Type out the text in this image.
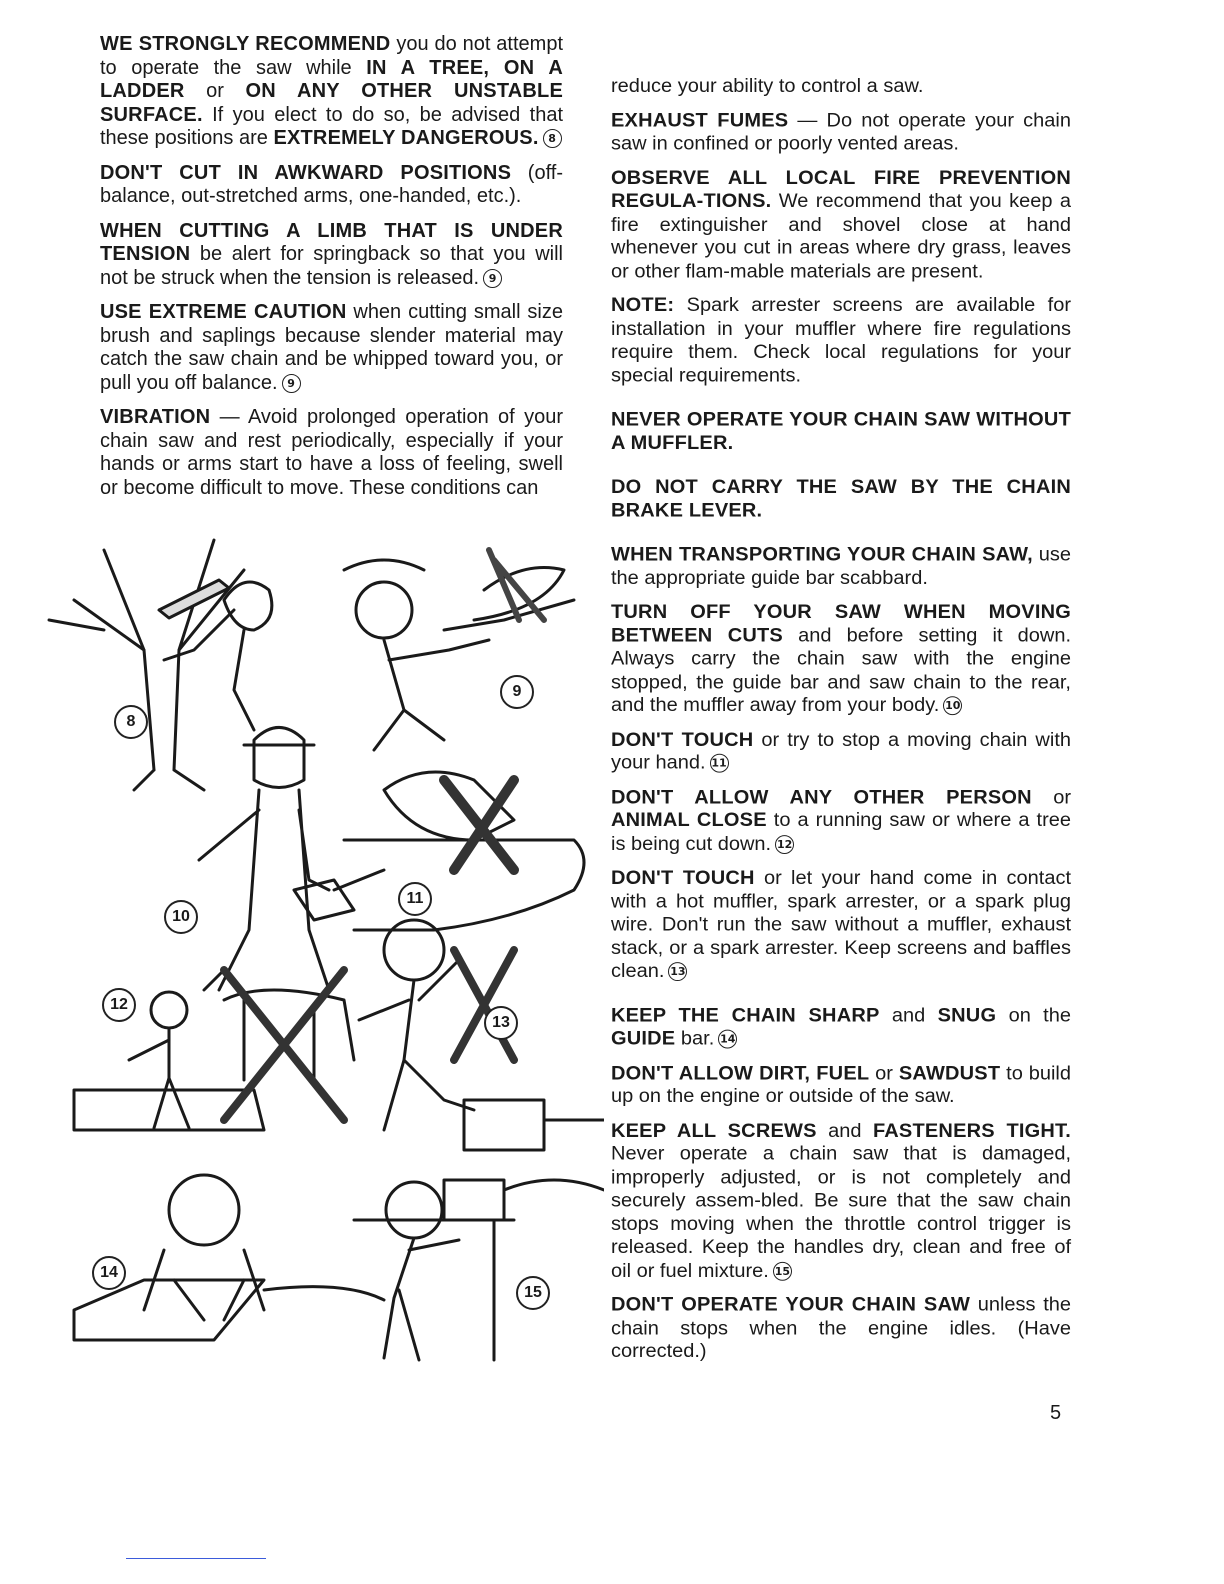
WE STRONGLY RECOMMEND you do not attempt to operate the saw while IN A TREE, ON A LADDER or ON ANY OTHER UNSTABLE SURFACE. If you elect to do so, be advised that these positions are EXTREMELY DANGEROUS. 8

DON'T CUT IN AWKWARD POSITIONS (off-balance, out-stretched arms, one-handed, etc.).

WHEN CUTTING A LIMB THAT IS UNDER TENSION be alert for springback so that you will not be struck when the tension is released. 9

USE EXTREME CAUTION when cutting small size brush and saplings because slender material may catch the saw chain and be whipped toward you, or pull you off balance. 9

VIBRATION — Avoid prolonged operation of your chain saw and rest periodically, especially if your hands or arms start to have a loss of feeling, swell or become difficult to move. These conditions can

reduce your ability to control a saw.

EXHAUST FUMES — Do not operate your chain saw in confined or poorly vented areas.

OBSERVE ALL LOCAL FIRE PREVENTION REGULA-TIONS. We recommend that you keep a fire extinguisher and shovel close at hand whenever you cut in areas where dry grass, leaves or other flam-mable materials are present.

NOTE: Spark arrester screens are available for installation in your muffler where fire regulations require them. Check local regulations for your special requirements.

NEVER OPERATE YOUR CHAIN SAW WITHOUT A MUFFLER.

DO NOT CARRY THE SAW BY THE CHAIN BRAKE LEVER.

WHEN TRANSPORTING YOUR CHAIN SAW, use the appropriate guide bar scabbard.

TURN OFF YOUR SAW WHEN MOVING BETWEEN CUTS and before setting it down. Always carry the chain saw with the engine stopped, the guide bar and saw chain to the rear, and the muffler away from your body. 10

DON'T TOUCH or try to stop a moving chain with your hand. 11

DON'T ALLOW ANY OTHER PERSON or ANIMAL CLOSE to a running saw or where a tree is being cut down. 12

DON'T TOUCH or let your hand come in contact with a hot muffler, spark arrester, or a spark plug wire. Don't run the saw without a muffler, exhaust stack, or a spark arrester. Keep screens and baffles clean. 13

KEEP THE CHAIN SHARP and SNUG on the GUIDE bar. 14

DON'T ALLOW DIRT, FUEL or SAWDUST to build up on the engine or outside of the saw.

KEEP ALL SCREWS and FASTENERS TIGHT. Never operate a chain saw that is damaged, improperly adjusted, or is not completely and securely assem-bled. Be sure that the saw chain stops moving when the throttle control trigger is released. Keep the handles dry, clean and free of oil or fuel mixture. 15

DON'T OPERATE YOUR CHAIN SAW unless the chain stops when the engine idles. (Have corrected.)

8
9
10
11
12
13
14
15
5
